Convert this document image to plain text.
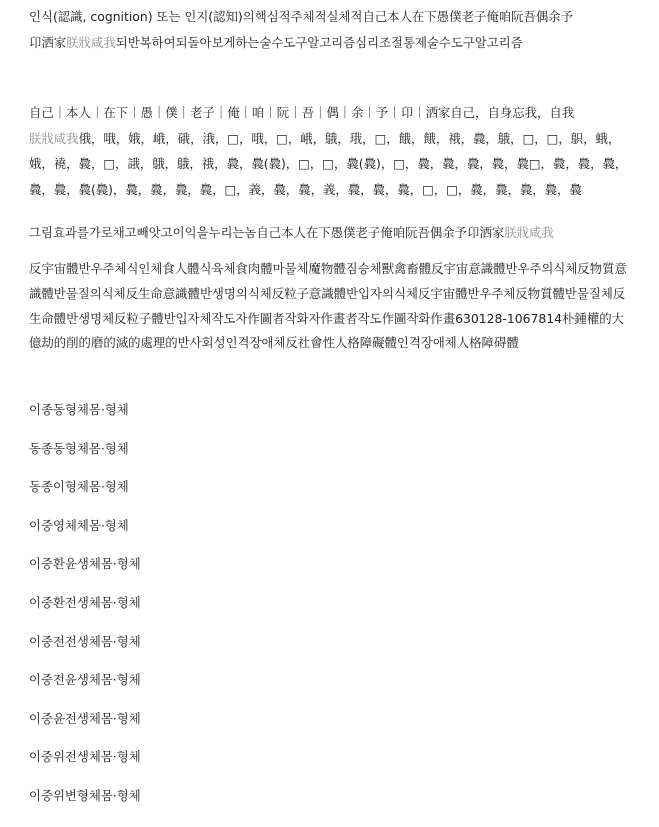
인식(認識, cognition) 또는 인지(認知)의핵심적주체적실체적自己本人在下愚僕老子俺咱阮吾偶余予
卬洒家朕戕咸我되반복하여되돌아보게하는술수도구알고리즘심리조절통제술수도구알고리즘

自己｜本人｜在下｜愚｜僕｜老子｜俺｜咱｜阮｜吾｜偶｜余｜予｜卬｜洒家自己，自身忘我，自我
朕戕咸我俄，哦，娥，峨，硪，涐，□，哦，□，峨，䳘，珴，□，餓，餓，䄉，䳗，䳘，□，□，䳅，蛾，娥，襓，䳗，□，誐，䳘，䳘，䄉，䳗，䳗(䳗)，□，□，䳗(䳗)，□，䳗，䳗，䳗，䳗，䳗□，䳗，䳗，䳗，䳗，䳗，䳗(䳗)，䳗，䳗，䳗，䳗，□，義，䳗，䳗，義，䳗，䳗，䳗，□，□，䳗，䳗，䳗，䳗，䳗

그림효과를가로채고빼앗고이익을누리는놈自己本人在下愚僕老子俺咱阮吾偶余予卬洒家朕戕咸我

反宇宙體반우주체식인체食人體식육체食肉體마물체魔物體짐승체獸禽畜體反宇宙意識體반우주의식체反物質意識體반물질의식체反生命意識體반생명의식체反粒子意識體반입자의식체反宇宙體반우주체反物質體반물질체反生命體반생명체反粒子體반입자체작도자作圖者작화자作畫者작도作圖작화作畫630128-1067814朴鍾權的大億劫的削的磨的滅的處理的반사회성인격장애체反社會性人格障礙體인격장애체人格障碍體

이종동형체몸·형체
동종동형체몸·형체
동종이형체몸·형체
이중영체체몸·형체
이중환윤생체몸·형체
이중환전생체몸·형체
이중전전생체몸·형체
이중전윤생체몸·형체
이중윤전생체몸·형체
이중위전생체몸·형체
이중위변형체몸·형체
